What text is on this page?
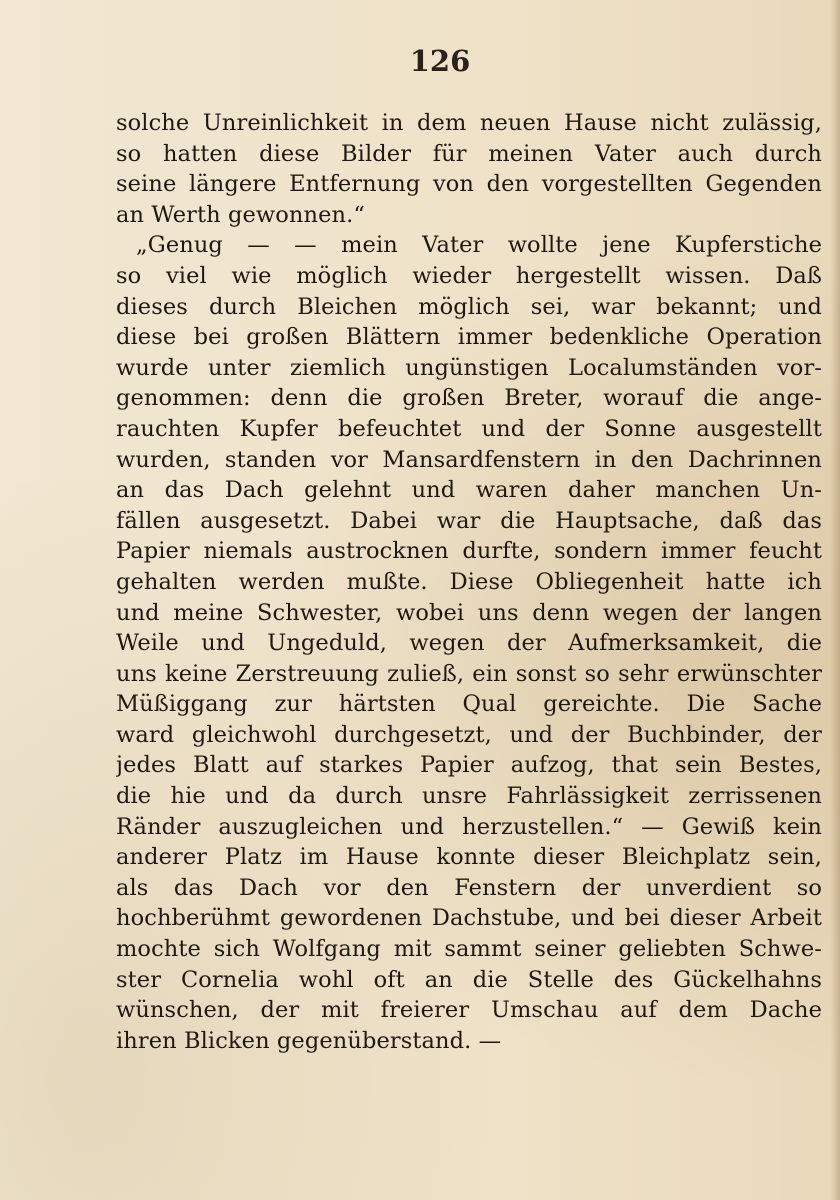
126
solche Unreinlichkeit in dem neuen Hause nicht zulässig,
so hatten diese Bilder für meinen Vater auch durch
seine längere Entfernung von den vorgestellten Gegenden
an Werth gewonnen.“
„Genug — — mein Vater wollte jene Kupferstiche
so viel wie möglich wieder hergestellt wissen. Daß
dieses durch Bleichen möglich sei, war bekannt; und
diese bei großen Blättern immer bedenkliche Operation
wurde unter ziemlich ungünstigen Localumständen vor-
genommen: denn die großen Breter, worauf die ange-
rauchten Kupfer befeuchtet und der Sonne ausgestellt
wurden, standen vor Mansardfenstern in den Dachrinnen
an das Dach gelehnt und waren daher manchen Un-
fällen ausgesetzt. Dabei war die Hauptsache, daß das
Papier niemals austrocknen durfte, sondern immer feucht
gehalten werden mußte. Diese Obliegenheit hatte ich
und meine Schwester, wobei uns denn wegen der langen
Weile und Ungeduld, wegen der Aufmerksamkeit, die
uns keine Zerstreuung zuließ, ein sonst so sehr erwünschter
Müßiggang zur härtsten Qual gereichte. Die Sache
ward gleichwohl durchgesetzt, und der Buchbinder, der
jedes Blatt auf starkes Papier aufzog, that sein Bestes,
die hie und da durch unsre Fahrlässigkeit zerrissenen
Ränder auszugleichen und herzustellen.“ — Gewiß kein
anderer Platz im Hause konnte dieser Bleichplatz sein,
als das Dach vor den Fenstern der unverdient so
hochberühmt gewordenen Dachstube, und bei dieser Arbeit
mochte sich Wolfgang mit sammt seiner geliebten Schwe-
ster Cornelia wohl oft an die Stelle des Gückelhahns
wünschen, der mit freierer Umschau auf dem Dache
ihren Blicken gegenüberstand. —
